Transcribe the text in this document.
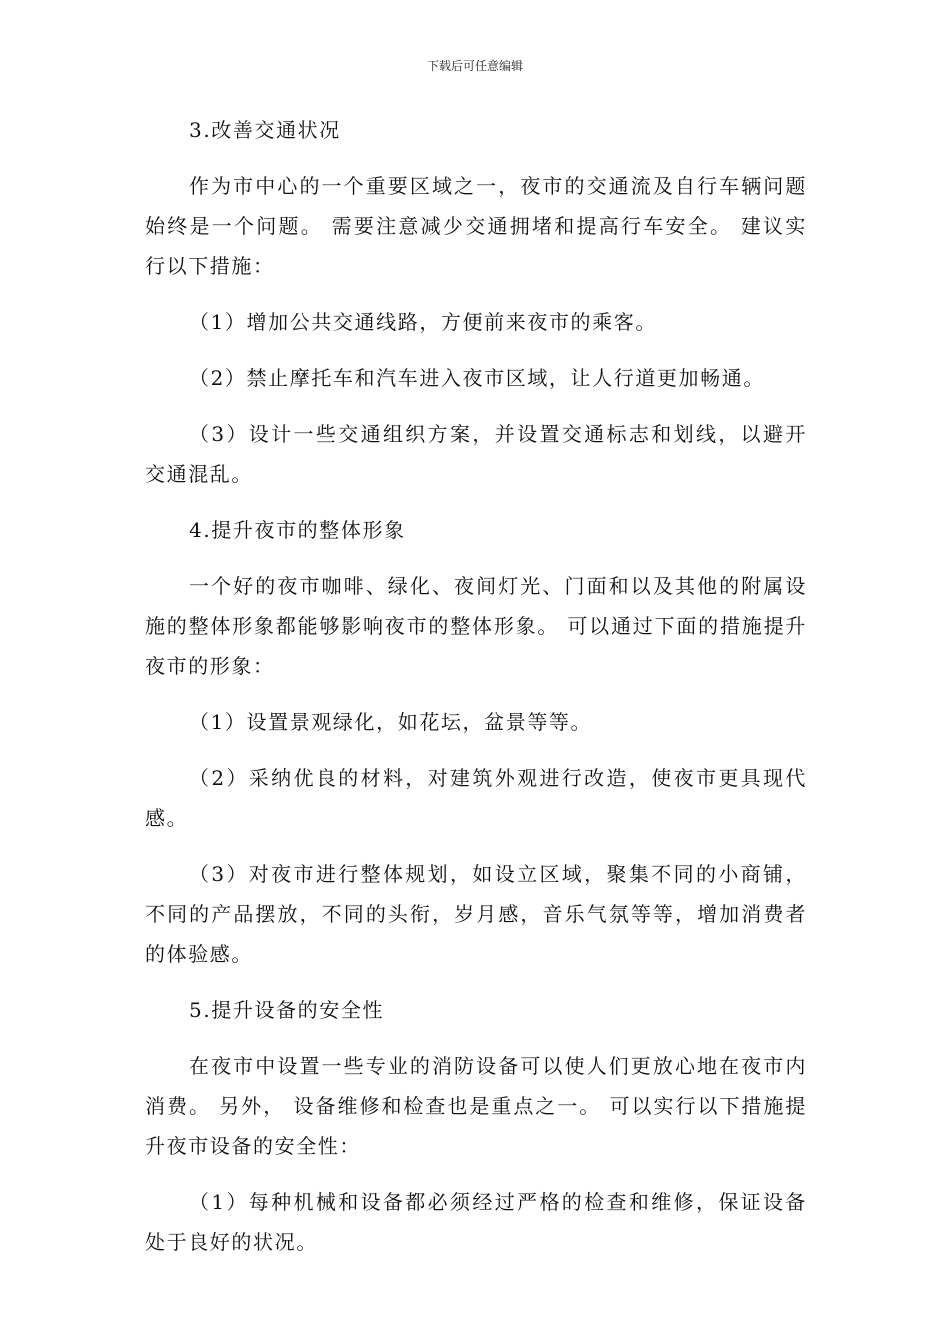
下载后可任意编辑

3.改善交通状况

作为市中心的一个重要区域之一，夜市的交通流及自行车辆问题始终是一个问题。 需要注意减少交通拥堵和提高行车安全。 建议实行以下措施：

（1）增加公共交通线路，方便前来夜市的乘客。

（2）禁止摩托车和汽车进入夜市区域，让人行道更加畅通。

（3）设计一些交通组织方案，并设置交通标志和划线，以避开交通混乱。

4.提升夜市的整体形象

一个好的夜市咖啡、绿化、夜间灯光、门面和以及其他的附属设施的整体形象都能够影响夜市的整体形象。 可以通过下面的措施提升夜市的形象：

（1）设置景观绿化，如花坛，盆景等等。

（2）采纳优良的材料，对建筑外观进行改造，使夜市更具现代感。

（3）对夜市进行整体规划，如设立区域，聚集不同的小商铺，不同的产品摆放，不同的头衔，岁月感，音乐气氛等等，增加消费者的体验感。

5.提升设备的安全性

在夜市中设置一些专业的消防设备可以使人们更放心地在夜市内消费。 另外， 设备维修和检查也是重点之一。 可以实行以下措施提升夜市设备的安全性：

（1）每种机械和设备都必须经过严格的检查和维修，保证设备处于良好的状况。
